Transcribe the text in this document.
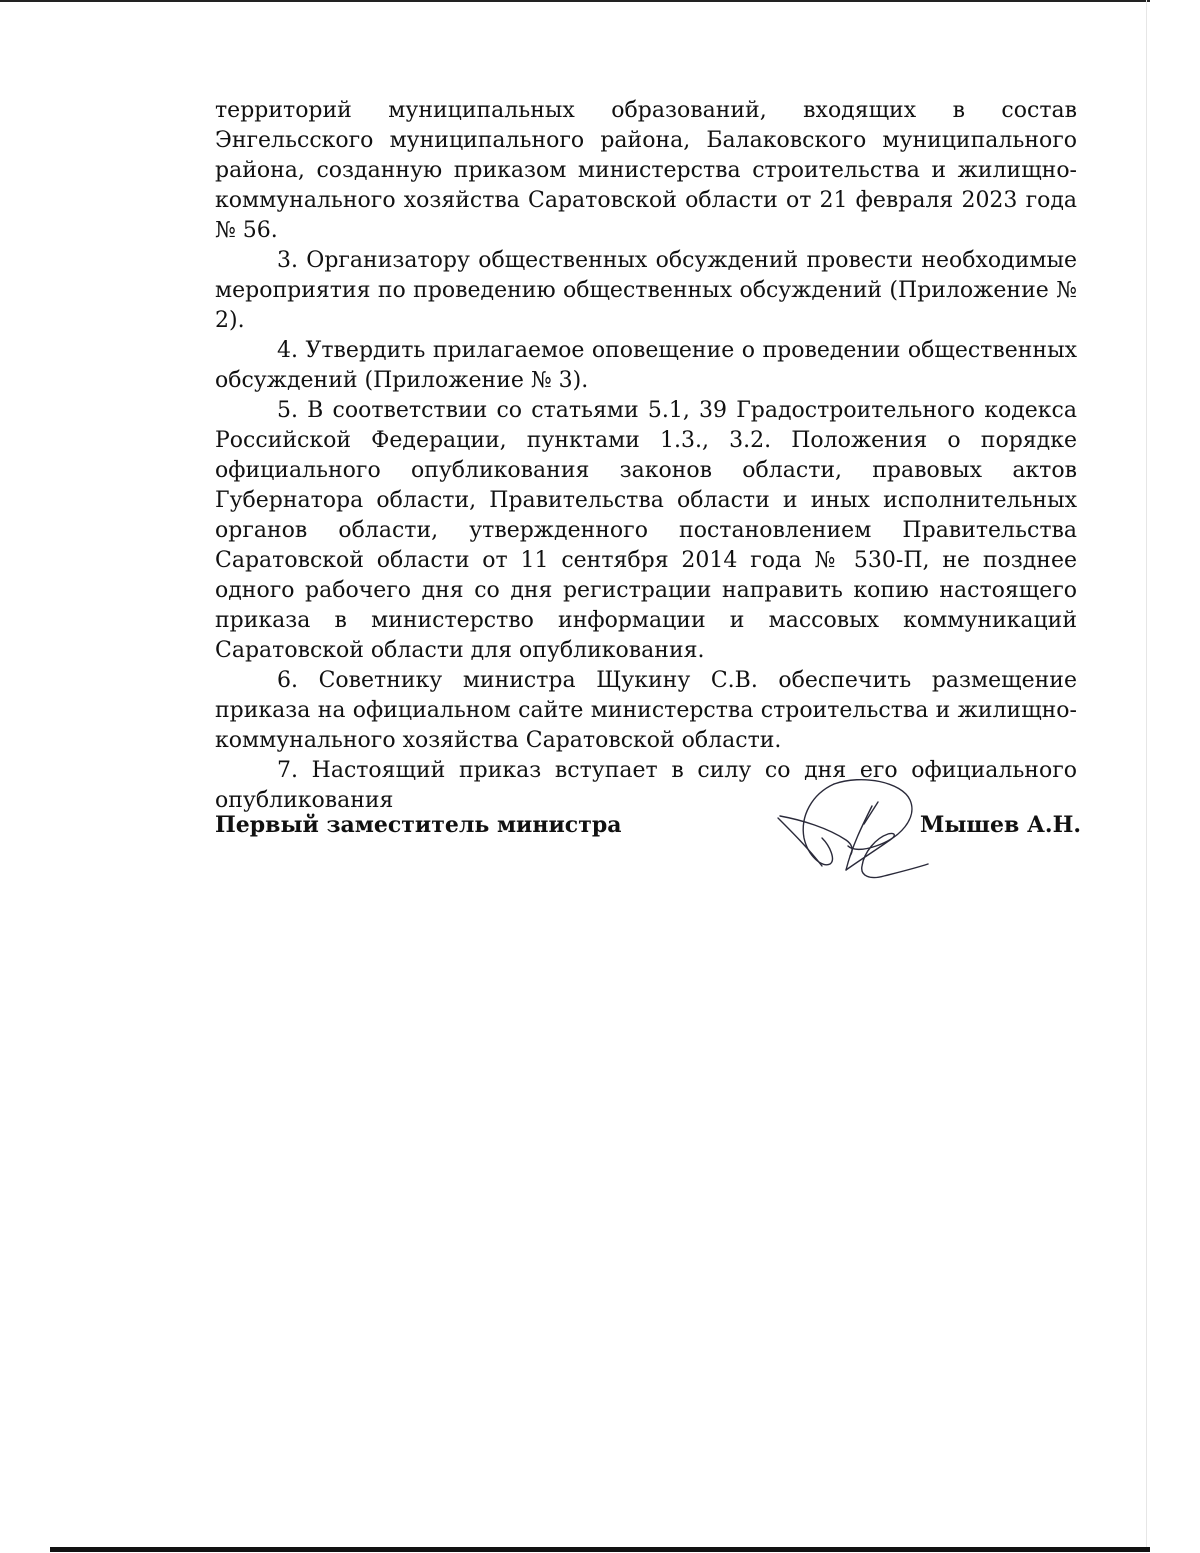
территорий муниципальных образований, входящих в состав Энгельсского муниципального района, Балаковского муниципального района, созданную приказом министерства строительства и жилищно-коммунального хозяйства Саратовской области от 21 февраля 2023 года № 56.

3. Организатору общественных обсуждений провести необходимые мероприятия по проведению общественных обсуждений (Приложение № 2).

4. Утвердить прилагаемое оповещение о проведении общественных обсуждений (Приложение № 3).

5. В соответствии со статьями 5.1, 39 Градостроительного кодекса Российской Федерации, пунктами 1.3., 3.2. Положения о порядке официального опубликования законов области, правовых актов Губернатора области, Правительства области и иных исполнительных органов области, утвержденного постановлением Правительства Саратовской области от 11 сентября 2014 года № 530-П, не позднее одного рабочего дня со дня регистрации направить копию настоящего приказа в министерство информации и массовых коммуникаций Саратовской области для опубликования.

6. Советнику министра Щукину С.В. обеспечить размещение приказа на официальном сайте министерства строительства и жилищно-коммунального хозяйства Саратовской области.

7. Настоящий приказ вступает в силу со дня его официального опубликования

Первый заместитель министра	Мышев А.Н.
